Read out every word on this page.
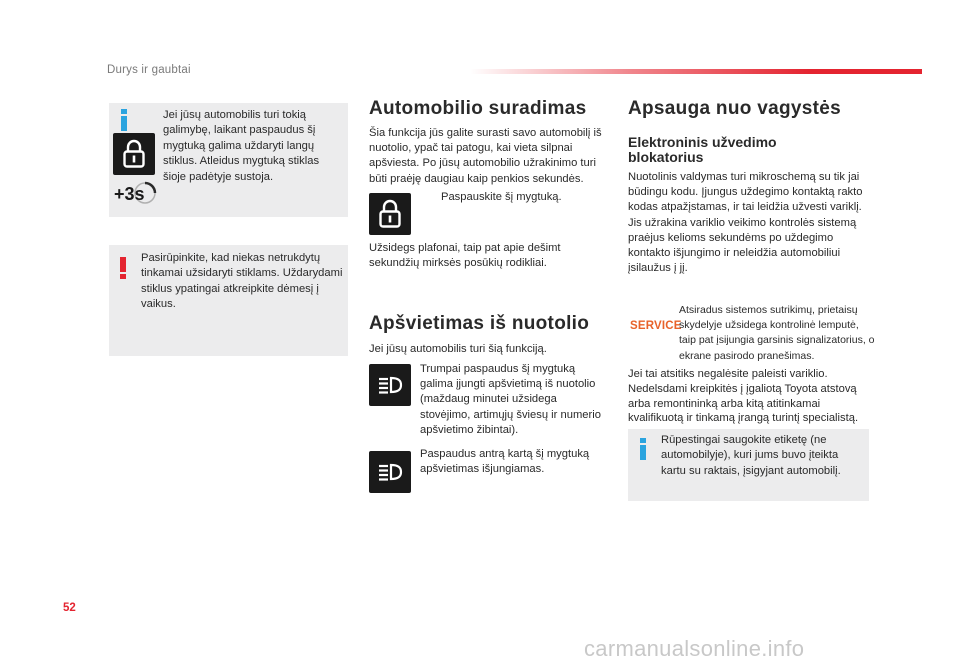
Durys ir gaubtai
+3s
Jei jūsų automobilis turi tokią galimybę, laikant paspaudus šį mygtuką galima uždaryti langų stiklus. Atleidus mygtuką stiklas šioje padėtyje sustoja.
Pasirūpinkite, kad niekas netrukdytų tinkamai užsidaryti stiklams. Uždarydami stiklus ypatingai atkreipkite dėmesį į vaikus.
Automobilio suradimas
Šia funkcija jūs galite surasti savo automobilį iš nuotolio, ypač tai patogu, kai vieta silpnai apšviesta. Po jūsų automobilio užrakinimo turi būti praėję daugiau kaip penkios sekundės.
Paspauskite šį mygtuką.
Užsidegs plafonai, taip pat apie dešimt sekundžių mirksės posūkių rodikliai.
Apšvietimas iš nuotolio
Jei jūsų automobilis turi šią funkciją.
Trumpai paspaudus šį mygtuką galima įjungti apšvietimą iš nuotolio (maždaug minutei užsidega stovėjimo, artimųjų šviesų ir numerio apšvietimo žibintai).
Paspaudus antrą kartą šį mygtuką apšvietimas išjungiamas.
Apsauga nuo vagystės
Elektroninis užvedimo blokatorius
Nuotolinis valdymas turi mikroschemą su tik jai būdingu kodu. Įjungus uždegimo kontaktą rakto kodas atpažįstamas, ir tai leidžia užvesti variklį. Jis užrakina variklio veikimo kontrolės sistemą praėjus kelioms sekundėms po uždegimo kontakto išjungimo ir neleidžia automobiliui įsilaužus į jį.
SERVICE
Atsiradus sistemos sutrikimų, prietaisų skydelyje užsidega kontrolinė lemputė, taip pat įsijungia garsinis signalizatorius, o ekrane pasirodo pranešimas.
Jei tai atsitiks negalėsite paleisti variklio. Nedelsdami kreipkitės į įgaliotą Toyota atstovą arba remontininką arba kitą atitinkamai kvalifikuotą ir tinkamą įrangą turintį specialistą.
Rūpestingai saugokite etiketę (ne automobilyje), kuri jums buvo įteikta kartu su raktais, įsigyjant automobilį.
52
carmanualsonline.info
